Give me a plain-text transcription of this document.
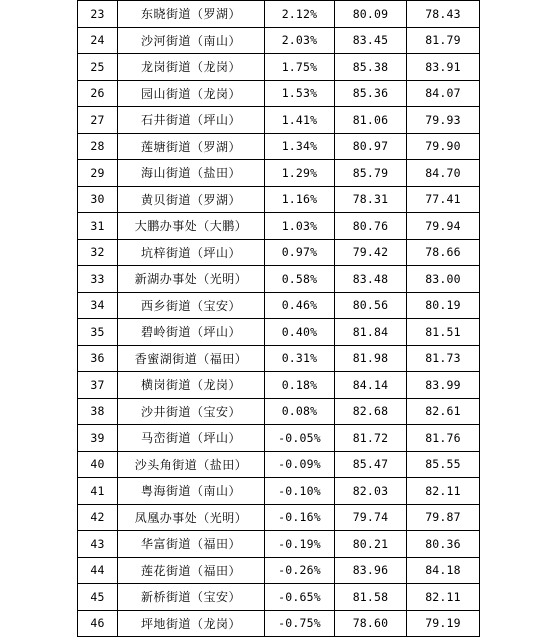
23	东晓街道（罗湖）	2.12%	80.09	78.43
24	沙河街道（南山）	2.03%	83.45	81.79
25	龙岗街道（龙岗）	1.75%	85.38	83.91
26	园山街道（龙岗）	1.53%	85.36	84.07
27	石井街道（坪山）	1.41%	81.06	79.93
28	莲塘街道（罗湖）	1.34%	80.97	79.90
29	海山街道（盐田）	1.29%	85.79	84.70
30	黄贝街道（罗湖）	1.16%	78.31	77.41
31	大鹏办事处（大鹏）	1.03%	80.76	79.94
32	坑梓街道（坪山）	0.97%	79.42	78.66
33	新湖办事处（光明）	0.58%	83.48	83.00
34	西乡街道（宝安）	0.46%	80.56	80.19
35	碧岭街道（坪山）	0.40%	81.84	81.51
36	香蜜湖街道（福田）	0.31%	81.98	81.73
37	横岗街道（龙岗）	0.18%	84.14	83.99
38	沙井街道（宝安）	0.08%	82.68	82.61
39	马峦街道（坪山）	-0.05%	81.72	81.76
40	沙头角街道（盐田）	-0.09%	85.47	85.55
41	粤海街道（南山）	-0.10%	82.03	82.11
42	凤凰办事处（光明）	-0.16%	79.74	79.87
43	华富街道（福田）	-0.19%	80.21	80.36
44	莲花街道（福田）	-0.26%	83.96	84.18
45	新桥街道（宝安）	-0.65%	81.58	82.11
46	坪地街道（龙岗）	-0.75%	78.60	79.19
